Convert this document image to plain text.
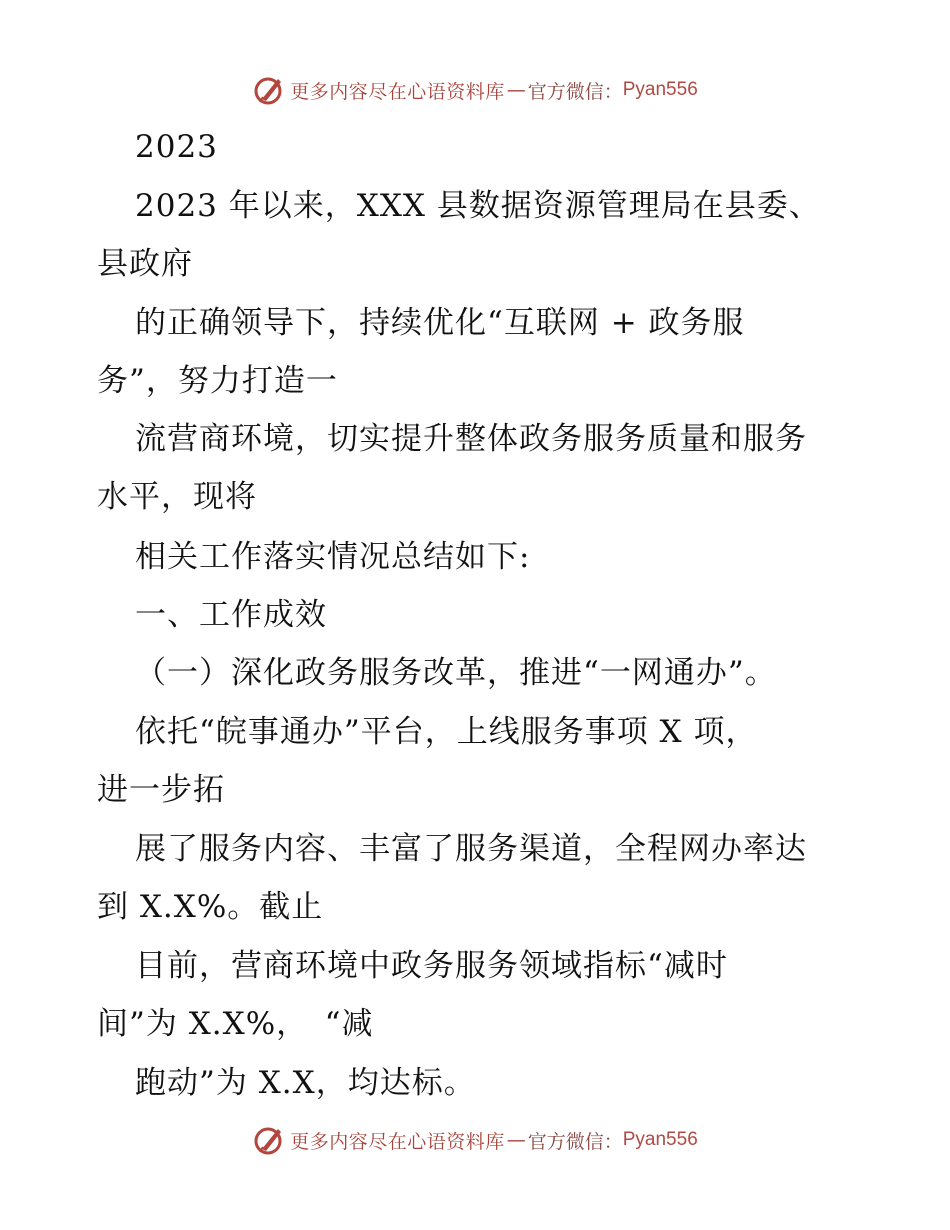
更多内容尽在心语资料库 — 官方微信： Pyan556
2023
2023 年以来，XXX 县数据资源管理局在县委、
县政府
的正确领导下，持续优化“互联网 + 政务服
务”，努力打造一
流营商环境，切实提升整体政务服务质量和服务
水平，现将
相关工作落实情况总结如下:
一、工作成效
（一）深化政务服务改革，推进“一网通办”。
依托“皖事通办”平台，上线服务事项 X 项，
进一步拓
展了服务内容、丰富了服务渠道，全程网办率达
到 X.X%。截止
目前，营商环境中政务服务领域指标“减时
间”为 X.X%，　“减
跑动”为 X.X，均达标。
更多内容尽在心语资料库 — 官方微信： Pyan556
